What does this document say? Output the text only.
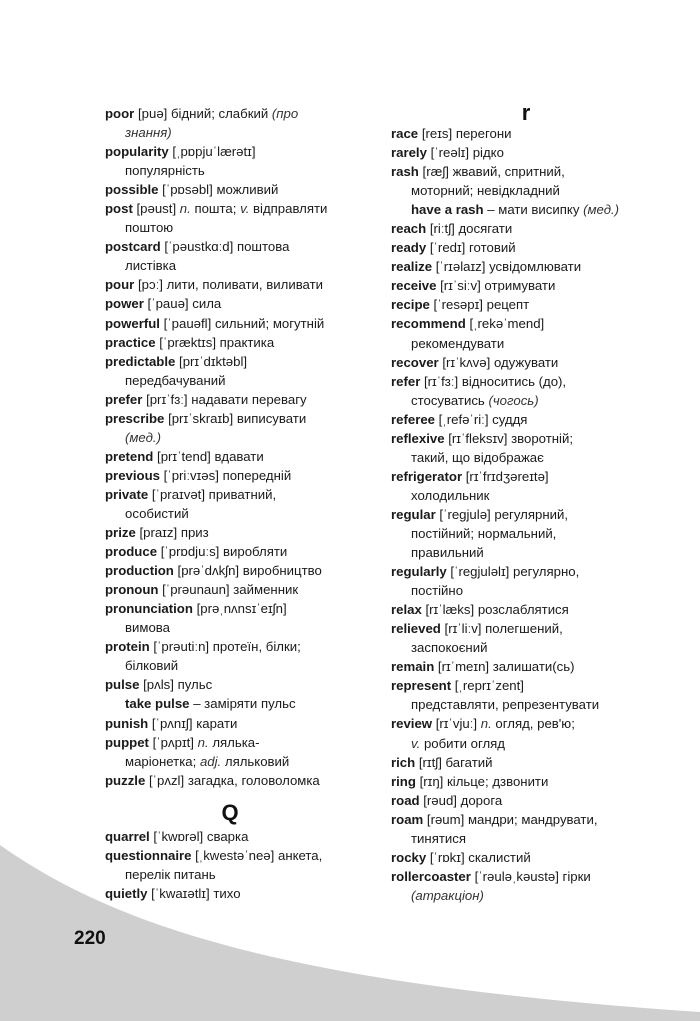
poor [puə] бідний; слабкий (про

знання)

popularity [ˌpɒpjuˈlærətɪ]

популярність

possible [ˈpɒsəbl] можливий

post [pəust] n. пошта; v. відправляти

поштою

postcard [ˈpəustkɑːd] поштова

листівка

pour [pɔː] лити, поливати, виливати

power [ˈpauə] сила

powerful [ˈpauəfl] сильний; могутній

practice [ˈpræktɪs] практика

predictable [prɪˈdɪktəbl]

передбачуваний

prefer [prɪˈfɜː] надавати перевагу

prescribe [prɪˈskraɪb] виписувати

(мед.)

pretend [prɪˈtend] вдавати

previous [ˈpriːvɪəs] попередній

private [ˈpraɪvət] приватний,

особистий

prize [praɪz] приз

produce [ˈprɒdjuːs] виробляти

production [prəˈdʌkʃn] виробництво

pronoun [ˈprəunaun] займенник

pronunciation [prəˌnʌnsɪˈeɪʃn]

вимова

protein [ˈprəutiːn] протеїн, білки;

білковий

pulse [pʌls] пульс

take pulse – заміряти пульс

punish [ˈpʌnɪʃ] карати

puppet [ˈpʌpɪt] n. лялька-

маріонетка; adj. ляльковий

puzzle [ˈpʌzl] загадка, головоломка

Q

quarrel [ˈkwɒrəl] сварка

questionnaire [ˌkwestəˈneə] анкета,

перелік питань

quietly [ˈkwaɪətlɪ] тихо

r

race [reɪs] перегони

rarely [ˈreəlɪ] рідко

rash [ræʃ] жвавий, спритний,

моторний; невідкладний

have a rash – мати висипку (мед.)

reach [riːtʃ] досягати

ready [ˈredɪ] готовий

realize [ˈrɪəlaɪz] усвідомлювати

receive [rɪˈsiːv] отримувати

recipe [ˈresəpɪ] рецепт

recommend [ˌrekəˈmend]

рекомендувати

recover [rɪˈkʌvə] одужувати

refer [rɪˈfɜː] відноситись (до),

стосуватись (чогось)

referee [ˌrefəˈriː] суддя

reflexive [rɪˈfleksɪv] зворотній;

такий, що відображає

refrigerator [rɪˈfrɪdʒəreɪtə]

холодильник

regular [ˈregjulə] регулярний,

постійний; нормальний,

правильний

regularly [ˈregjuləlɪ] регулярно,

постійно

relax [rɪˈlæks] розслаблятися

relieved [rɪˈliːv] полегшений,

заспокоєний

remain [rɪˈmeɪn] залишати(сь)

represent [ˌreprɪˈzent]

представляти, репрезентувати

review [rɪˈvjuː] n. огляд, рев'ю;

v. робити огляд

rich [rɪtʃ] багатий

ring [rɪŋ] кільце; дзвонити

road [rəud] дорога

roam [rəum] мандри; мандрувати,

тинятися

rocky [ˈrɒkɪ] скалистий

rollercoaster [ˈrəuləˌkəustə] гірки

(атракціон)

220
